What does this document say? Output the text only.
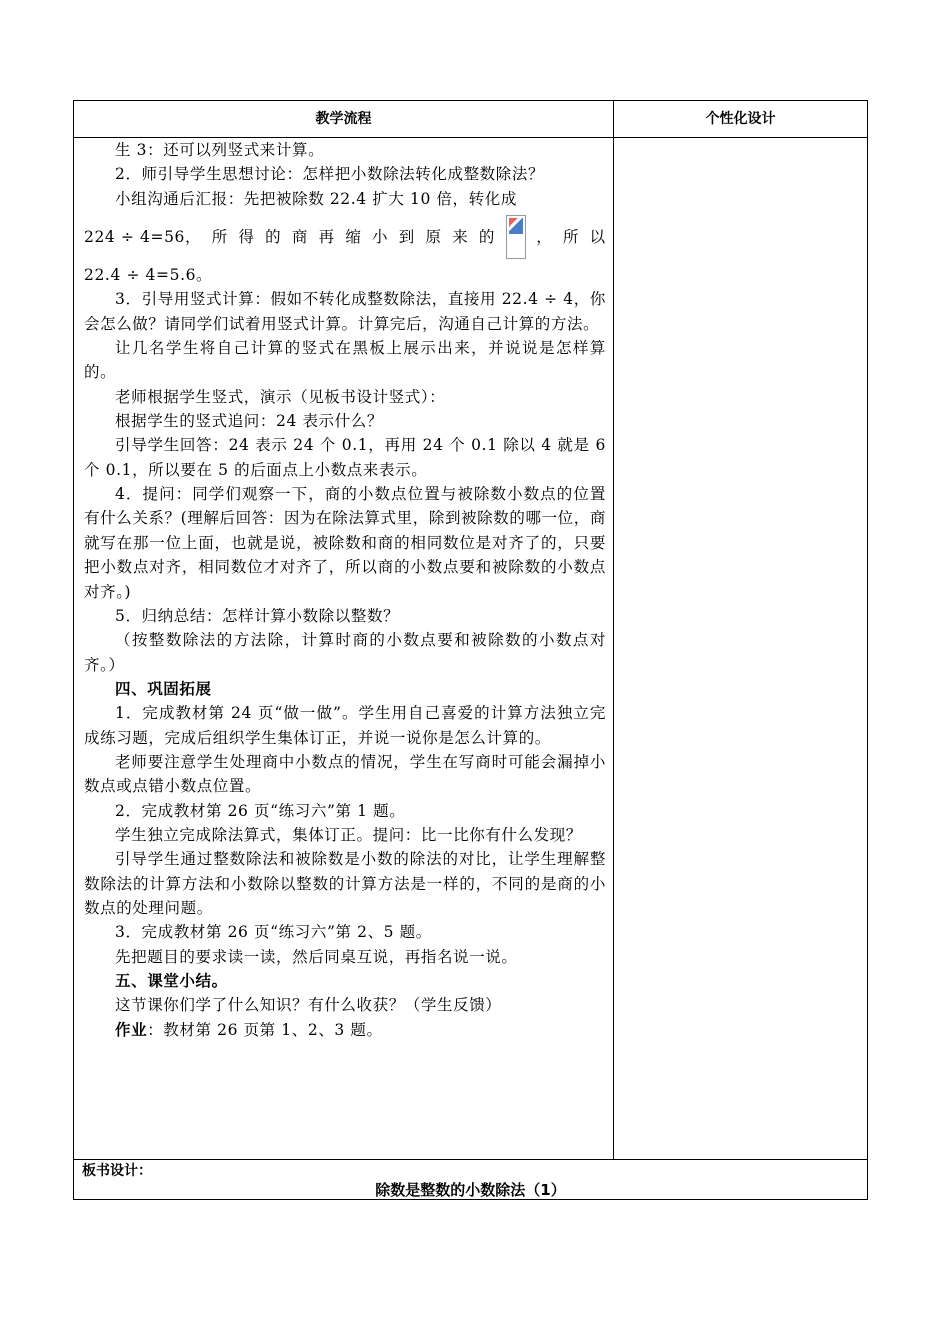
教学流程	个性化设计

生 3：还可以列竖式来计算。

2．师引导学生思想讨论：怎样把小数除法转化成整数除法？

小组沟通后汇报：先把被除数 22.4 扩大 10 倍，转化成

224 ÷ 4=56， 所 得 的 商 再 缩 小 到 原 来 的	， 所 以

22.4 ÷ 4=5.6。

3．引导用竖式计算：假如不转化成整数除法，直接用 22.4 ÷ 4，你会怎么做？请同学们试着用竖式计算。计算完后，沟通自己计算的方法。

让几名学生将自己计算的竖式在黑板上展示出来，并说说是怎样算的。

老师根据学生竖式，演示（见板书设计竖式）：

根据学生的竖式追问：24 表示什么？

引导学生回答：24 表示 24 个 0.1，再用 24 个 0.1 除以 4 就是 6 个 0.1，所以要在 5 的后面点上小数点来表示。

4．提问：同学们观察一下，商的小数点位置与被除数小数点的位置有什么关系？(理解后回答：因为在除法算式里，除到被除数的哪一位，商就写在那一位上面，也就是说，被除数和商的相同数位是对齐了的，只要把小数点对齐，相同数位才对齐了，所以商的小数点要和被除数的小数点对齐。)

5．归纳总结：怎样计算小数除以整数？

（按整数除法的方法除，计算时商的小数点要和被除数的小数点对齐。）

四、巩固拓展

1．完成教材第 24 页“做一做”。学生用自己喜爱的计算方法独立完成练习题，完成后组织学生集体订正，并说一说你是怎么计算的。

老师要注意学生处理商中小数点的情况，学生在写商时可能会漏掉小数点或点错小数点位置。

2．完成教材第 26 页“练习六”第 1 题。

学生独立完成除法算式，集体订正。提问：比一比你有什么发现？

引导学生通过整数除法和被除数是小数的除法的对比，让学生理解整数除法的计算方法和小数除以整数的计算方法是一样的，不同的是商的小数点的处理问题。

3．完成教材第 26 页“练习六”第 2、5 题。

先把题目的要求读一读，然后同桌互说，再指名说一说。

五、课堂小结。

这节课你们学了什么知识？有什么收获？（学生反馈）

作业：教材第 26 页第 1、2、3 题。

板书设计：
除数是整数的小数除法（1）
